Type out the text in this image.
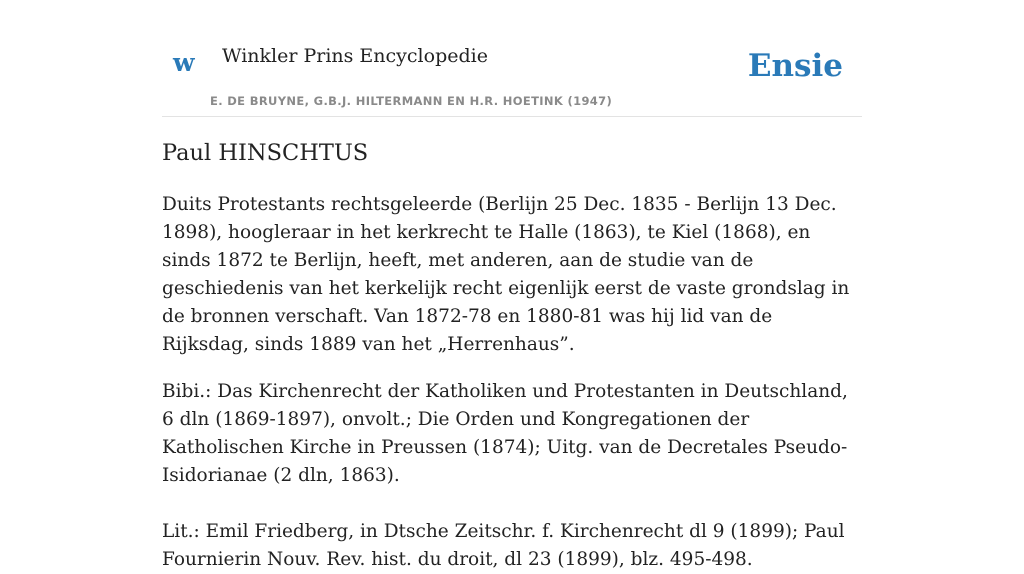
w Winkler Prins Encyclopedie
E. DE BRUYNE, G.B.J. HILTERMANN EN H.R. HOETINK (1947)
Ensie
Paul HINSCHTUS

Duits Protestants rechtsgeleerde (Berlijn 25 Dec. 1835 - Berlijn 13 Dec. 1898), hoogleraar in het kerkrecht te Halle (1863), te Kiel (1868), en sinds 1872 te Berlijn, heeft, met anderen, aan de studie van de geschiedenis van het kerkelijk recht eigenlijk eerst de vaste grondslag in de bronnen verschaft. Van 1872-78 en 1880-81 was hij lid van de Rijksdag, sinds 1889 van het „Herrenhaus”.

Bibi.: Das Kirchenrecht der Katholiken und Protestanten in Deutschland, 6 dln (1869-1897), onvolt.; Die Orden und Kongregationen der Katholischen Kirche in Preussen (1874); Uitg. van de Decretales Pseudo-Isidorianae (2 dln, 1863).

Lit.: Emil Friedberg, in Dtsche Zeitschr. f. Kirchenrecht dl 9 (1899); Paul Fournierin Nouv. Rev. hist. du droit, dl 23 (1899), blz. 495-498.
